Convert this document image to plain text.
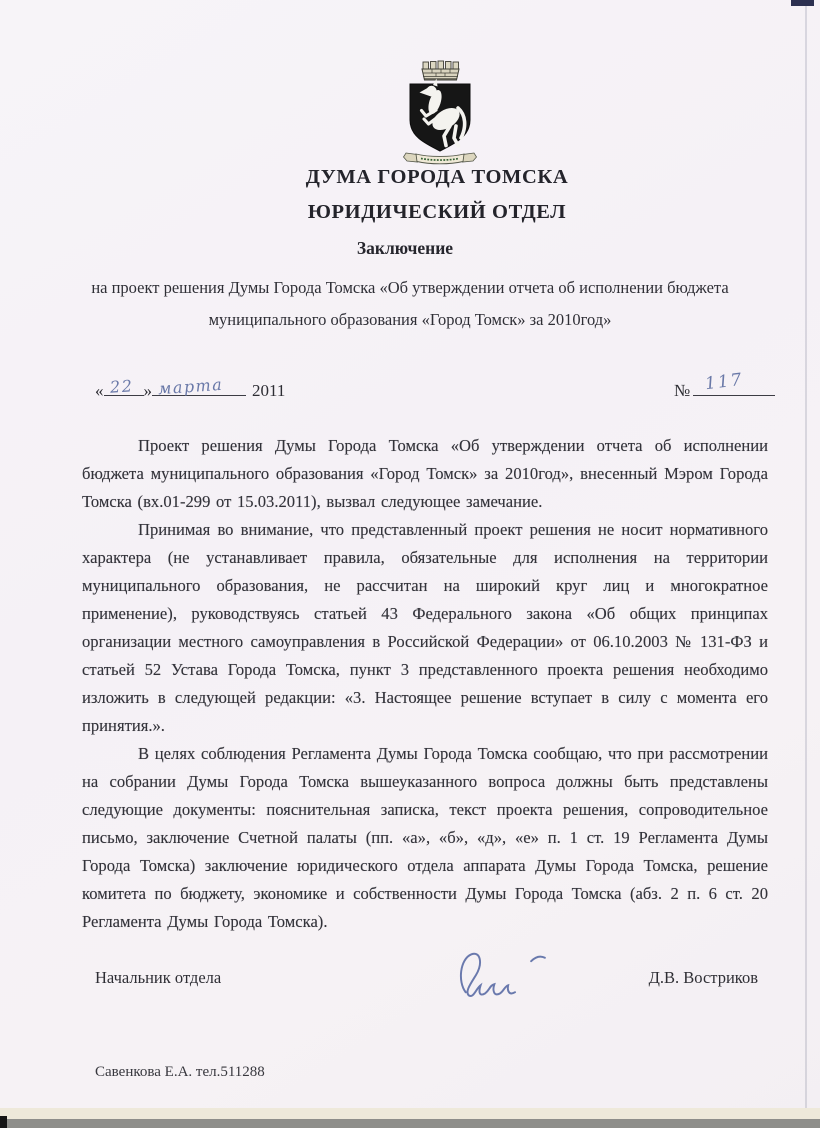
ДУМА ГОРОДА ТОМСКА
ЮРИДИЧЕСКИЙ ОТДЕЛ
Заключение
на проект решения Думы Города Томска «Об утверждении отчета об исполнении бюджета муниципального образования «Город Томск» за 2010год»
« 22 » марта 2011	№ 117

Проект решения Думы Города Томска «Об утверждении отчета об исполнении бюджета муниципального образования «Город Томск» за 2010год», внесенный Мэром Города Томска (вх.01-299 от 15.03.2011), вызвал следующее замечание.

Принимая во внимание, что представленный проект решения не носит нормативного характера (не устанавливает правила, обязательные для исполнения на территории муниципального образования, не рассчитан на широкий круг лиц и многократное применение), руководствуясь статьей 43 Федерального закона «Об общих принципах организации местного самоуправления в Российской Федерации» от 06.10.2003 № 131-ФЗ и статьей 52 Устава Города Томска, пункт 3 представленного проекта решения необходимо изложить в следующей редакции: «3. Настоящее решение вступает в силу с момента его принятия.».

В целях соблюдения Регламента Думы Города Томска сообщаю, что при рассмотрении на собрании Думы Города Томска вышеуказанного вопроса должны быть представлены следующие документы: пояснительная записка, текст проекта решения, сопроводительное письмо, заключение Счетной палаты (пп. «а», «б», «д», «е» п. 1 ст. 19 Регламента Думы Города Томска) заключение юридического отдела аппарата Думы Города Томска, решение комитета по бюджету, экономике и собственности Думы Города Томска (абз. 2 п. 6 ст. 20 Регламента Думы Города Томска).

Начальник отдела	Д.В. Востриков
Савенкова Е.А. тел.511288
